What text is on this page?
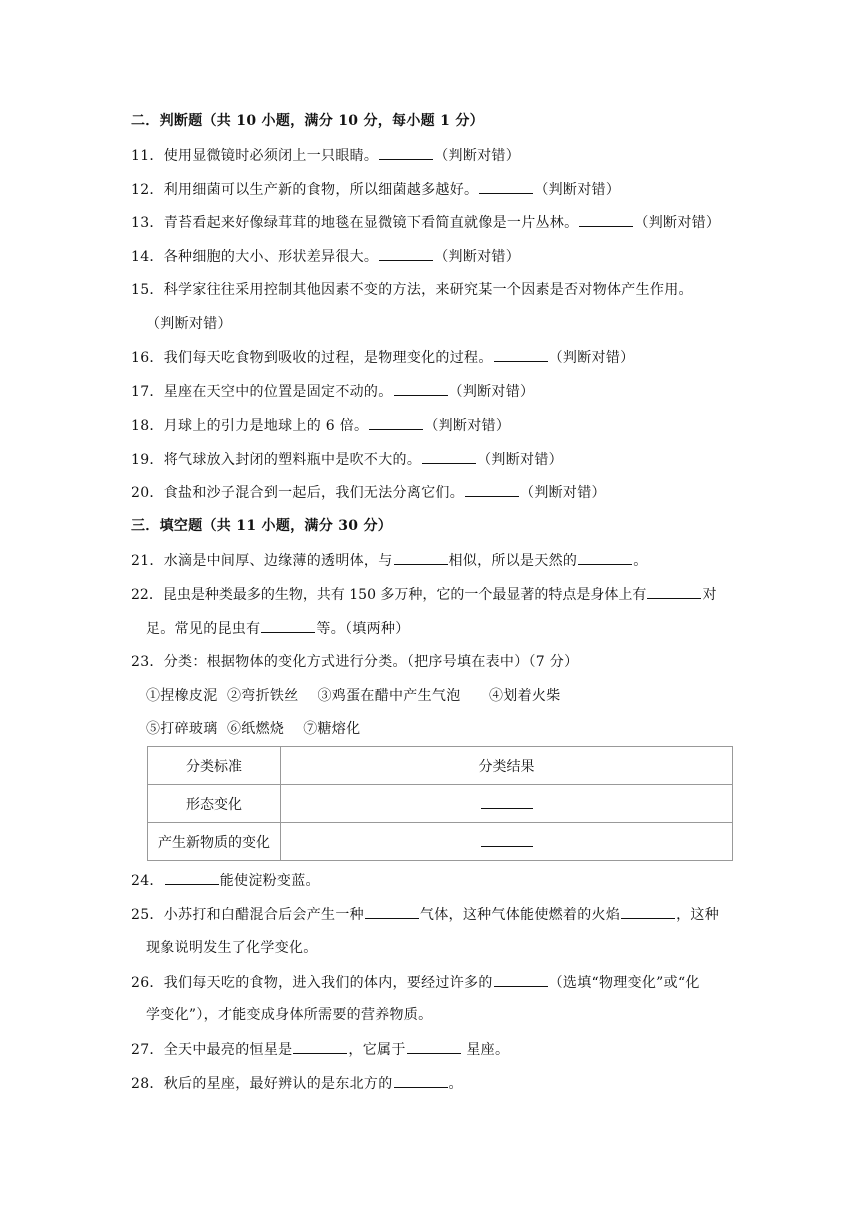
二．判断题（共 10 小题，满分 10 分，每小题 1 分）
11．使用显微镜时必须闭上一只眼睛。	（判断对错）
12．利用细菌可以生产新的食物，所以细菌越多越好。	（判断对错）
13．青苔看起来好像绿茸茸的地毯在显微镜下看简直就像是一片丛林。	（判断对错）
14．各种细胞的大小、形状差异很大。	（判断对错）
15．科学家往往采用控制其他因素不变的方法，来研究某一个因素是否对物体产生作用。
（判断对错）
16．我们每天吃食物到吸收的过程，是物理变化的过程。	（判断对错）
17．星座在天空中的位置是固定不动的。	（判断对错）
18．月球上的引力是地球上的 6 倍。	（判断对错）
19．将气球放入封闭的塑料瓶中是吹不大的。	（判断对错）
20．食盐和沙子混合到一起后，我们无法分离它们。	（判断对错）
三．填空题（共 11 小题，满分 30 分）
21．水滴是中间厚、边缘薄的透明体，与	相似，所以是天然的	。
22．昆虫是种类最多的生物，共有 150 多万种，它的一个最显著的特点是身体上有	对
足。常见的昆虫有	等。（填两种）
23．分类：根据物体的变化方式进行分类。（把序号填在表中）（7 分）
①捏橡皮泥  ②弯折铁丝    ③鸡蛋在醋中产生气泡      ④划着火柴
⑤打碎玻璃  ⑥纸燃烧    ⑦糖熔化
分类标准	分类结果
形态变化	
产生新物质的变化	
24．	能使淀粉变蓝。
25．小苏打和白醋混合后会产生一种	气体，这种气体能使燃着的火焰	，这种
现象说明发生了化学变化。
26．我们每天吃的食物，进入我们的体内，要经过许多的	（选填“物理变化”或“化
学变化”），才能变成身体所需要的营养物质。
27．全天中最亮的恒星是	，它属于	星座。
28．秋后的星座，最好辨认的是东北方的	。
